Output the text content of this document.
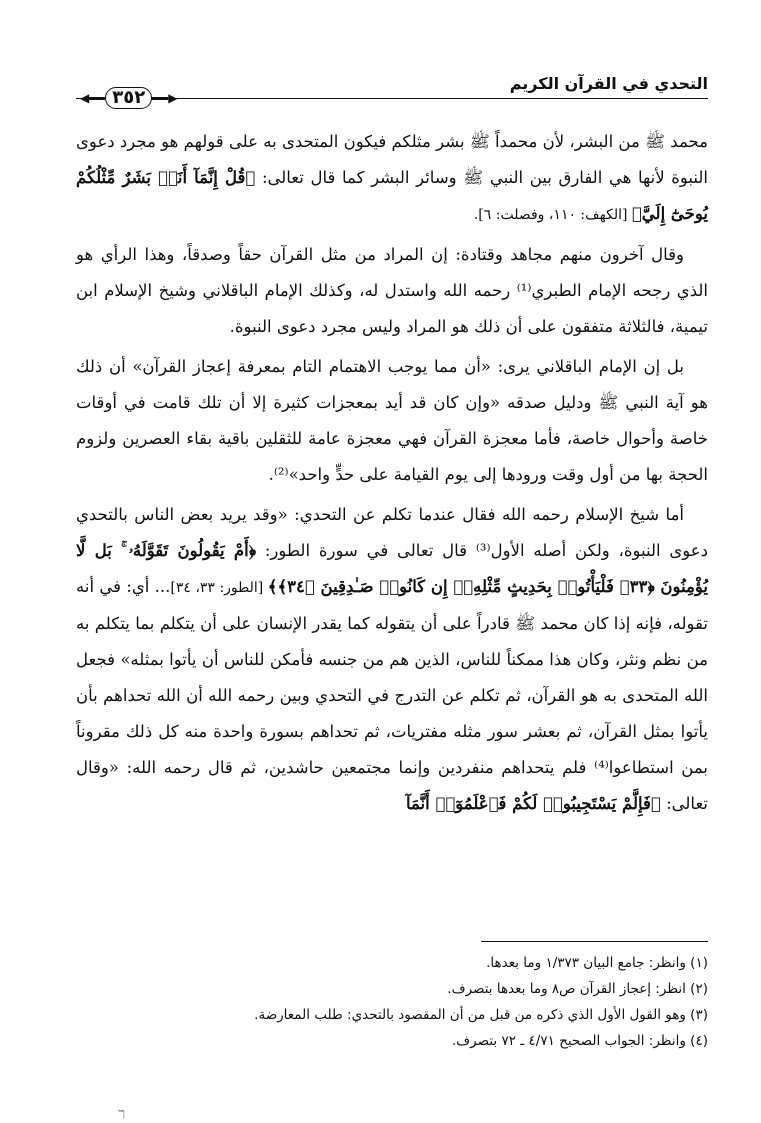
التحدي في القرآن الكريم
◀	٣٥٢	▶

محمد ﷺ من البشر، لأن محمداً ﷺ بشر مثلكم فيكون المتحدى به على قولهم هو مجرد دعوى النبوة لأنها هي الفارق بين النبي ﷺ وسائر البشر كما قال تعالى: ﴿قُلْ إِنَّمَآ أَنَا۠ بَشَرٌ مِّثْلُكُمْ يُوحَىٰٓ إِلَيَّ﴾ [الكهف: ١١٠، وفصلت: ٦].

وقال آخرون منهم مجاهد وقتادة: إن المراد من مثل القرآن حقاً وصدقاً، وهذا الرأي هو الذي رجحه الإمام الطبري⁽¹⁾ رحمه الله واستدل له، وكذلك الإمام الباقلاني وشيخ الإسلام ابن تيمية، فالثلاثة متفقون على أن ذلك هو المراد وليس مجرد دعوى النبوة.

بل إن الإمام الباقلاني يرى: «أن مما يوجب الاهتمام التام بمعرفة إعجاز القرآن» أن ذلك هو آية النبي ﷺ ودليل صدقه «وإن كان قد أيد بمعجزات كثيرة إلا أن تلك قامت في أوقات خاصة وأحوال خاصة، فأما معجزة القرآن فهي معجزة عامة للثقلين باقية بقاء العصرين ولزوم الحجة بها من أول وقت ورودها إلى يوم القيامة على حدٍّ واحد»⁽²⁾.

أما شيخ الإسلام رحمه الله فقال عندما تكلم عن التحدي: «وقد يريد بعض الناس بالتحدي دعوى النبوة، ولكن أصله الأول⁽³⁾ قال تعالى في سورة الطور: ﴿أَمْ يَقُولُونَ تَقَوَّلَهُۥ ۚ بَل لَّا يُؤْمِنُونَ ﴿٣٣﴾ فَلْيَأْتُوا۟ بِحَدِيثٍ مِّثْلِهِۦٓ إِن كَانُوا۟ صَـٰدِقِينَ ﴿٣٤﴾﴾ [الطور: ٣٣، ٣٤]... أي: في أنه تقوله، فإنه إذا كان محمد ﷺ قادراً على أن يتقوله كما يقدر الإنسان على أن يتكلم بما يتكلم به من نظم ونثر، وكان هذا ممكناً للناس، الذين هم من جنسه فأمكن للناس أن يأتوا بمثله» فجعل الله المتحدى به هو القرآن، ثم تكلم عن التدرج في التحدي وبين رحمه الله أن الله تحداهم بأن يأتوا بمثل القرآن، ثم بعشر سور مثله مفتريات، ثم تحداهم بسورة واحدة منه كل ذلك مقروناً بمن استطاعوا⁽⁴⁾ فلم يتحداهم منفردين وإنما مجتمعين حاشدين، ثم قال رحمه الله: «وقال تعالى: ﴿فَإِلَّمْ يَسْتَجِيبُوا۟ لَكُمْ فَٱعْلَمُوٓا۟ أَنَّمَآ

(١) وانظر: جامع البيان ١/٣٧٣ وما بعدها.
(٢) انظر: إعجاز القرآن ص٨ وما بعدها بتصرف.
(٣) وهو القول الأول الذي ذكره من قبل من أن المقصود بالتحدي: طلب المعارضة.
(٤) وانظر: الجواب الصحيح ٤/٧١ ـ ٧٢ بتصرف.
ℸ
